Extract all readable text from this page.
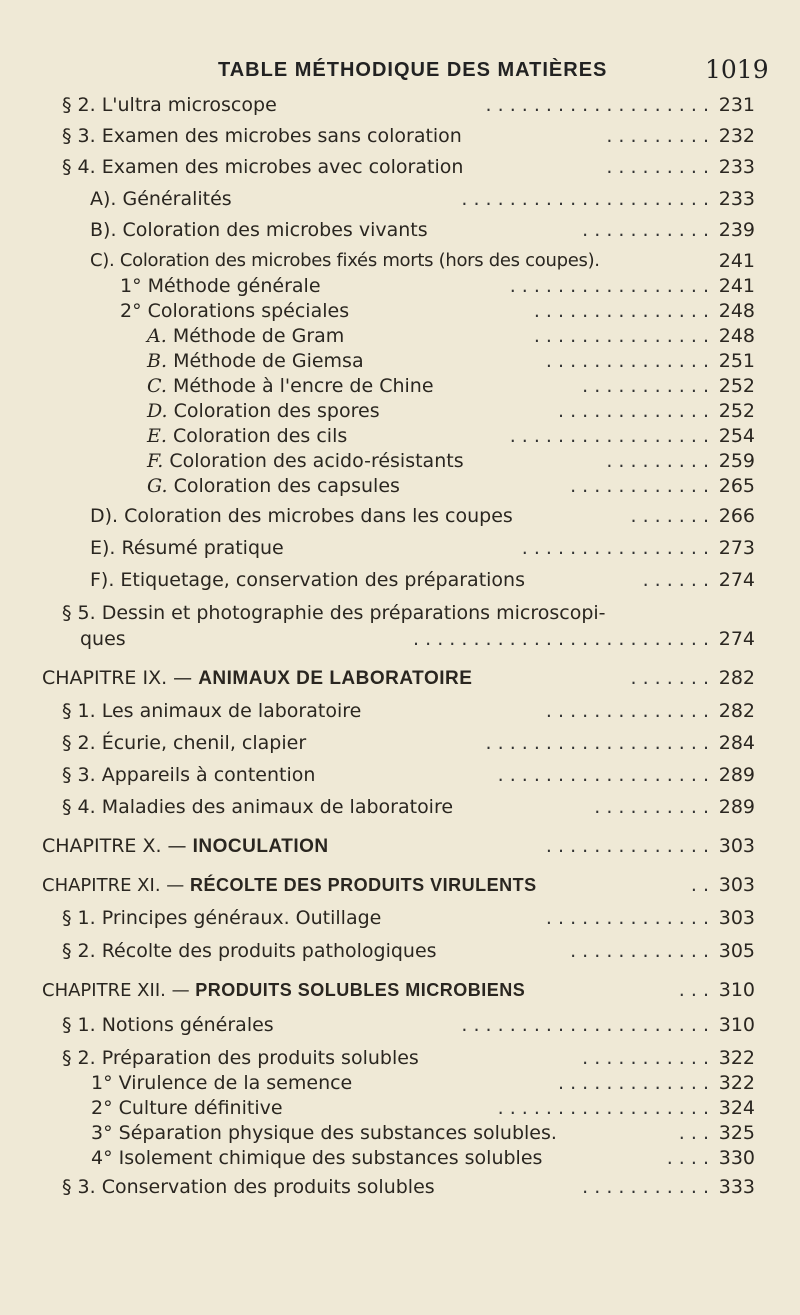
TABLE MÉTHODIQUE DES MATIÈRES	1019
§ 2. L'ultra microscope	. . . . . . . . . . . . . . . . . . . 231
§ 3. Examen des microbes sans coloration	. . . . . . . . . 232
§ 4. Examen des microbes avec coloration	. . . . . . . . . 233
A). Généralités	. . . . . . . . . . . . . . . . . . . . . 233
B). Coloration des microbes vivants	. . . . . . . . . . . 239
C). Coloration des microbes fixés morts (hors des coupes).	241
1° Méthode générale	. . . . . . . . . . . . . . . . . 241
2° Colorations spéciales	. . . . . . . . . . . . . . . 248
A. Méthode de Gram	. . . . . . . . . . . . . . . 248
B. Méthode de Giemsa	. . . . . . . . . . . . . . 251
C. Méthode à l'encre de Chine	. . . . . . . . . . . 252
D. Coloration des spores	. . . . . . . . . . . . . 252
E. Coloration des cils	. . . . . . . . . . . . . . . . . 254
F. Coloration des acido-résistants	. . . . . . . . . 259
G. Coloration des capsules	. . . . . . . . . . . . 265
D). Coloration des microbes dans les coupes	. . . . . . . 266
E). Résumé pratique	. . . . . . . . . . . . . . . . 273
F). Etiquetage, conservation des préparations	. . . . . . 274
§ 5. Dessin et photographie des préparations microscopi-
ques	. . . . . . . . . . . . . . . . . . . . . . . . . 274
CHAPITRE IX. — ANIMAUX DE LABORATOIRE	. . . . . . . 282
§ 1. Les animaux de laboratoire	. . . . . . . . . . . . . . 282
§ 2. Écurie, chenil, clapier	. . . . . . . . . . . . . . . . . . . 284
§ 3. Appareils à contention	. . . . . . . . . . . . . . . . . . 289
§ 4. Maladies des animaux de laboratoire	. . . . . . . . . . 289
CHAPITRE X. — INOCULATION	. . . . . . . . . . . . . . 303
CHAPITRE XI. — RÉCOLTE DES PRODUITS VIRULENTS	. . 303
§ 1. Principes généraux. Outillage	. . . . . . . . . . . . . . 303
§ 2. Récolte des produits pathologiques	. . . . . . . . . . . . 305
CHAPITRE XII. — PRODUITS SOLUBLES MICROBIENS	. . . 310
§ 1. Notions générales	. . . . . . . . . . . . . . . . . . . . . 310
§ 2. Préparation des produits solubles	. . . . . . . . . . . 322
1° Virulence de la semence	. . . . . . . . . . . . . 322
2° Culture définitive	. . . . . . . . . . . . . . . . . . 324
3° Séparation physique des substances solubles.	. . . 325
4° Isolement chimique des substances solubles	. . . . 330
§ 3. Conservation des produits solubles	. . . . . . . . . . . 333
